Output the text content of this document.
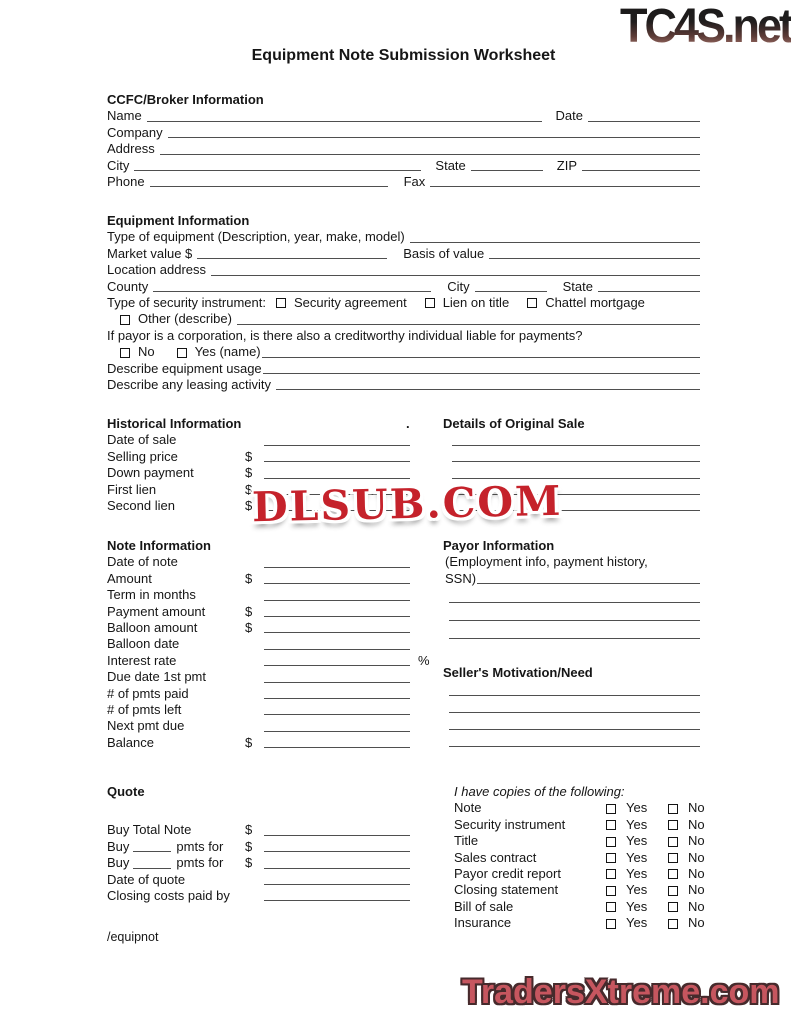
TC4S.net
Equipment Note Submission Worksheet
CCFC/Broker Information
Name	Date
Company
Address
City	State	ZIP
Phone	Fax
Equipment Information
Type of equipment (Description, year, make, model)
Market value $	Basis of value
Location address
County	City	State
Type of security instrument: Security agreement	Lien on title	Chattel mortgage
Other (describe)
If payor is a corporation, is there also a creditworthy individual liable for payments?
No	Yes (name)
Describe equipment usage
Describe any leasing activity
Historical Information	.	Details of Original Sale
Date of sale
Selling price	$
Down payment	$
First lien	$
Second lien	$
Note Information
Date of note
Amount	$
Term in months
Payment amount	$
Balloon amount	$
Balloon date
Interest rate	%
Due date 1st pmt
# of pmts paid
# of pmts left
Next pmt due
Balance	$
Payor Information
(Employment info, payment history,
SSN)
Seller's Motivation/Need
Quote
Buy Total Note	$
Buy	pmts for $
Buy	pmts for $
Date of quote
Closing costs paid by
I have copies of the following:
Note	Yes	No
Security instrument	Yes	No
Title	Yes	No
Sales contract	Yes	No
Payor credit report	Yes	No
Closing statement	Yes	No
Bill of sale	Yes	No
Insurance	Yes	No
/equipnot
DLSUB.COM
TradersXtreme.com
